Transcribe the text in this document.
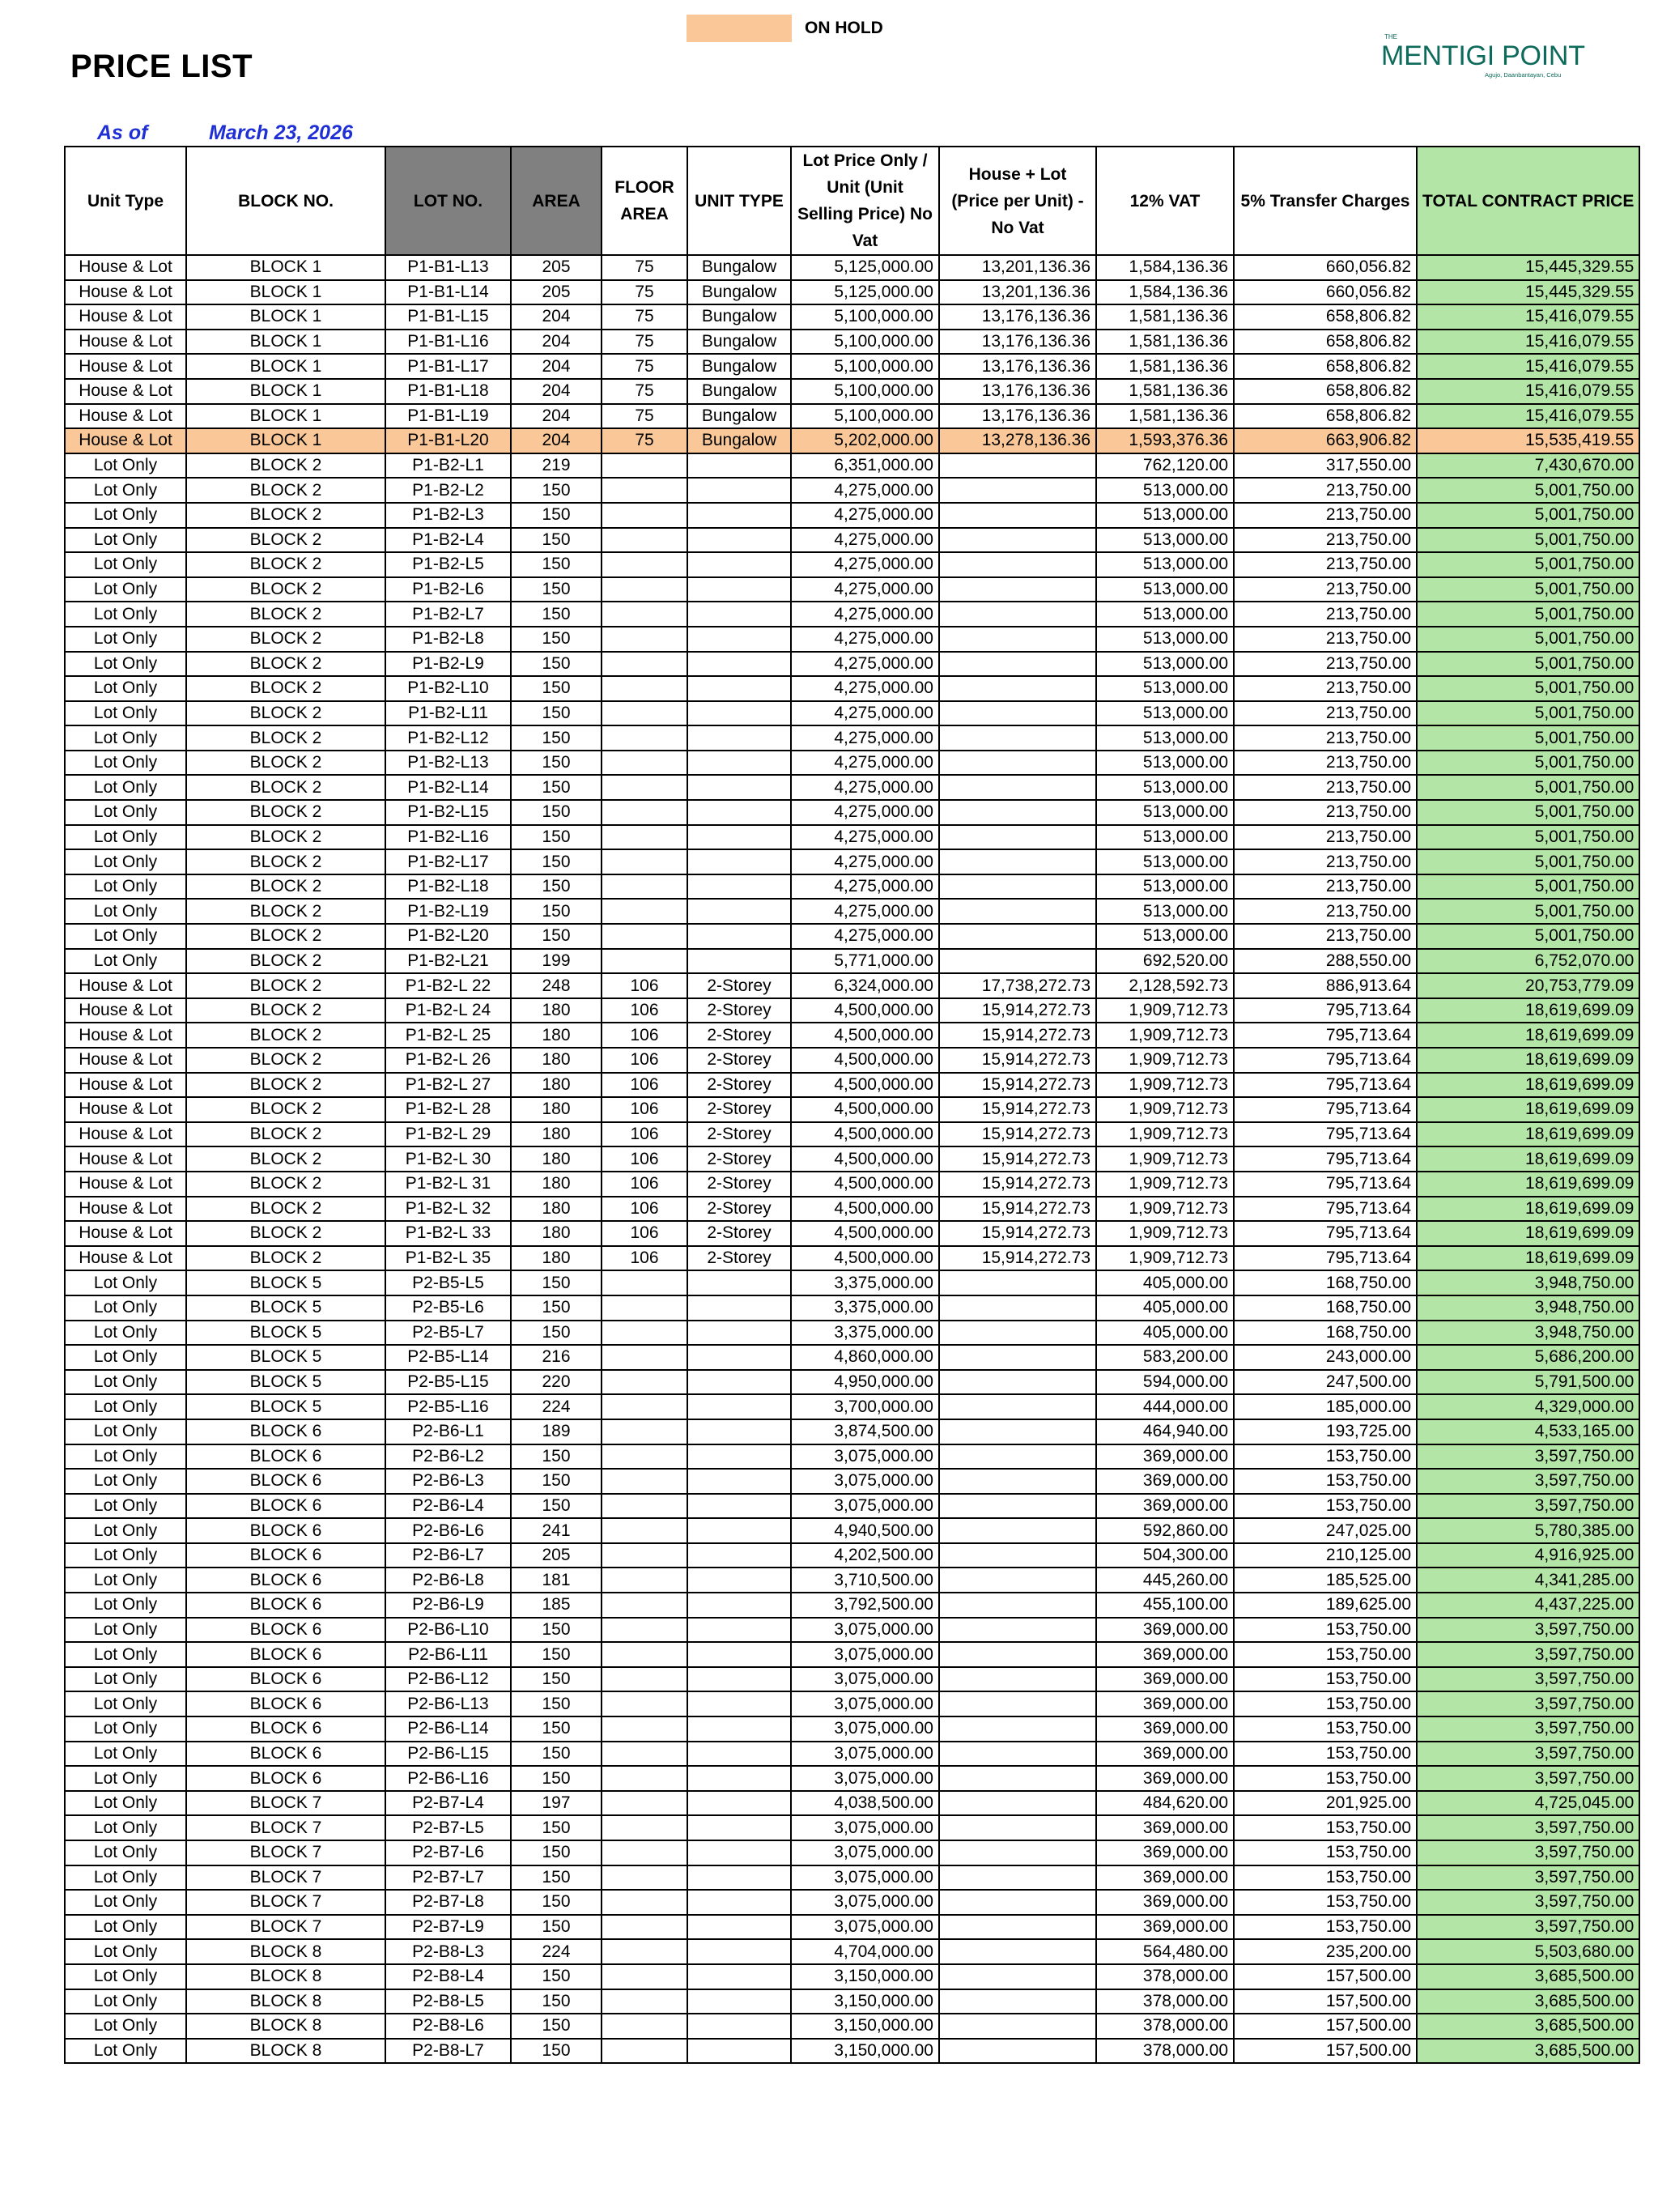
ON HOLD
PRICE LIST
THE
MENTIGI POINT
Agujo, Daanbantayan, Cebu
As of	March 23, 2026
Unit Type	BLOCK NO.	LOT NO.	AREA	FLOOR AREA	UNIT TYPE	Lot Price Only / Unit (Unit Selling Price) No Vat	House + Lot (Price per Unit) - No Vat	12% VAT	5% Transfer Charges	TOTAL CONTRACT PRICE
House & Lot	BLOCK 1	P1-B1-L13	205	75	Bungalow	5,125,000.00	13,201,136.36	1,584,136.36	660,056.82	15,445,329.55
House & Lot	BLOCK 1	P1-B1-L14	205	75	Bungalow	5,125,000.00	13,201,136.36	1,584,136.36	660,056.82	15,445,329.55
House & Lot	BLOCK 1	P1-B1-L15	204	75	Bungalow	5,100,000.00	13,176,136.36	1,581,136.36	658,806.82	15,416,079.55
House & Lot	BLOCK 1	P1-B1-L16	204	75	Bungalow	5,100,000.00	13,176,136.36	1,581,136.36	658,806.82	15,416,079.55
House & Lot	BLOCK 1	P1-B1-L17	204	75	Bungalow	5,100,000.00	13,176,136.36	1,581,136.36	658,806.82	15,416,079.55
House & Lot	BLOCK 1	P1-B1-L18	204	75	Bungalow	5,100,000.00	13,176,136.36	1,581,136.36	658,806.82	15,416,079.55
House & Lot	BLOCK 1	P1-B1-L19	204	75	Bungalow	5,100,000.00	13,176,136.36	1,581,136.36	658,806.82	15,416,079.55
House & Lot	BLOCK 1	P1-B1-L20	204	75	Bungalow	5,202,000.00	13,278,136.36	1,593,376.36	663,906.82	15,535,419.55
Lot Only	BLOCK 2	P1-B2-L1	219			6,351,000.00		762,120.00	317,550.00	7,430,670.00
Lot Only	BLOCK 2	P1-B2-L2	150			4,275,000.00		513,000.00	213,750.00	5,001,750.00
Lot Only	BLOCK 2	P1-B2-L3	150			4,275,000.00		513,000.00	213,750.00	5,001,750.00
Lot Only	BLOCK 2	P1-B2-L4	150			4,275,000.00		513,000.00	213,750.00	5,001,750.00
Lot Only	BLOCK 2	P1-B2-L5	150			4,275,000.00		513,000.00	213,750.00	5,001,750.00
Lot Only	BLOCK 2	P1-B2-L6	150			4,275,000.00		513,000.00	213,750.00	5,001,750.00
Lot Only	BLOCK 2	P1-B2-L7	150			4,275,000.00		513,000.00	213,750.00	5,001,750.00
Lot Only	BLOCK 2	P1-B2-L8	150			4,275,000.00		513,000.00	213,750.00	5,001,750.00
Lot Only	BLOCK 2	P1-B2-L9	150			4,275,000.00		513,000.00	213,750.00	5,001,750.00
Lot Only	BLOCK 2	P1-B2-L10	150			4,275,000.00		513,000.00	213,750.00	5,001,750.00
Lot Only	BLOCK 2	P1-B2-L11	150			4,275,000.00		513,000.00	213,750.00	5,001,750.00
Lot Only	BLOCK 2	P1-B2-L12	150			4,275,000.00		513,000.00	213,750.00	5,001,750.00
Lot Only	BLOCK 2	P1-B2-L13	150			4,275,000.00		513,000.00	213,750.00	5,001,750.00
Lot Only	BLOCK 2	P1-B2-L14	150			4,275,000.00		513,000.00	213,750.00	5,001,750.00
Lot Only	BLOCK 2	P1-B2-L15	150			4,275,000.00		513,000.00	213,750.00	5,001,750.00
Lot Only	BLOCK 2	P1-B2-L16	150			4,275,000.00		513,000.00	213,750.00	5,001,750.00
Lot Only	BLOCK 2	P1-B2-L17	150			4,275,000.00		513,000.00	213,750.00	5,001,750.00
Lot Only	BLOCK 2	P1-B2-L18	150			4,275,000.00		513,000.00	213,750.00	5,001,750.00
Lot Only	BLOCK 2	P1-B2-L19	150			4,275,000.00		513,000.00	213,750.00	5,001,750.00
Lot Only	BLOCK 2	P1-B2-L20	150			4,275,000.00		513,000.00	213,750.00	5,001,750.00
Lot Only	BLOCK 2	P1-B2-L21	199			5,771,000.00		692,520.00	288,550.00	6,752,070.00
House & Lot	BLOCK 2	P1-B2-L 22	248	106	2-Storey	6,324,000.00	17,738,272.73	2,128,592.73	886,913.64	20,753,779.09
House & Lot	BLOCK 2	P1-B2-L 24	180	106	2-Storey	4,500,000.00	15,914,272.73	1,909,712.73	795,713.64	18,619,699.09
House & Lot	BLOCK 2	P1-B2-L 25	180	106	2-Storey	4,500,000.00	15,914,272.73	1,909,712.73	795,713.64	18,619,699.09
House & Lot	BLOCK 2	P1-B2-L 26	180	106	2-Storey	4,500,000.00	15,914,272.73	1,909,712.73	795,713.64	18,619,699.09
House & Lot	BLOCK 2	P1-B2-L 27	180	106	2-Storey	4,500,000.00	15,914,272.73	1,909,712.73	795,713.64	18,619,699.09
House & Lot	BLOCK 2	P1-B2-L 28	180	106	2-Storey	4,500,000.00	15,914,272.73	1,909,712.73	795,713.64	18,619,699.09
House & Lot	BLOCK 2	P1-B2-L 29	180	106	2-Storey	4,500,000.00	15,914,272.73	1,909,712.73	795,713.64	18,619,699.09
House & Lot	BLOCK 2	P1-B2-L 30	180	106	2-Storey	4,500,000.00	15,914,272.73	1,909,712.73	795,713.64	18,619,699.09
House & Lot	BLOCK 2	P1-B2-L 31	180	106	2-Storey	4,500,000.00	15,914,272.73	1,909,712.73	795,713.64	18,619,699.09
House & Lot	BLOCK 2	P1-B2-L 32	180	106	2-Storey	4,500,000.00	15,914,272.73	1,909,712.73	795,713.64	18,619,699.09
House & Lot	BLOCK 2	P1-B2-L 33	180	106	2-Storey	4,500,000.00	15,914,272.73	1,909,712.73	795,713.64	18,619,699.09
House & Lot	BLOCK 2	P1-B2-L 35	180	106	2-Storey	4,500,000.00	15,914,272.73	1,909,712.73	795,713.64	18,619,699.09
Lot Only	BLOCK 5	P2-B5-L5	150			3,375,000.00		405,000.00	168,750.00	3,948,750.00
Lot Only	BLOCK 5	P2-B5-L6	150			3,375,000.00		405,000.00	168,750.00	3,948,750.00
Lot Only	BLOCK 5	P2-B5-L7	150			3,375,000.00		405,000.00	168,750.00	3,948,750.00
Lot Only	BLOCK 5	P2-B5-L14	216			4,860,000.00		583,200.00	243,000.00	5,686,200.00
Lot Only	BLOCK 5	P2-B5-L15	220			4,950,000.00		594,000.00	247,500.00	5,791,500.00
Lot Only	BLOCK 5	P2-B5-L16	224			3,700,000.00		444,000.00	185,000.00	4,329,000.00
Lot Only	BLOCK 6	P2-B6-L1	189			3,874,500.00		464,940.00	193,725.00	4,533,165.00
Lot Only	BLOCK 6	P2-B6-L2	150			3,075,000.00		369,000.00	153,750.00	3,597,750.00
Lot Only	BLOCK 6	P2-B6-L3	150			3,075,000.00		369,000.00	153,750.00	3,597,750.00
Lot Only	BLOCK 6	P2-B6-L4	150			3,075,000.00		369,000.00	153,750.00	3,597,750.00
Lot Only	BLOCK 6	P2-B6-L6	241			4,940,500.00		592,860.00	247,025.00	5,780,385.00
Lot Only	BLOCK 6	P2-B6-L7	205			4,202,500.00		504,300.00	210,125.00	4,916,925.00
Lot Only	BLOCK 6	P2-B6-L8	181			3,710,500.00		445,260.00	185,525.00	4,341,285.00
Lot Only	BLOCK 6	P2-B6-L9	185			3,792,500.00		455,100.00	189,625.00	4,437,225.00
Lot Only	BLOCK 6	P2-B6-L10	150			3,075,000.00		369,000.00	153,750.00	3,597,750.00
Lot Only	BLOCK 6	P2-B6-L11	150			3,075,000.00		369,000.00	153,750.00	3,597,750.00
Lot Only	BLOCK 6	P2-B6-L12	150			3,075,000.00		369,000.00	153,750.00	3,597,750.00
Lot Only	BLOCK 6	P2-B6-L13	150			3,075,000.00		369,000.00	153,750.00	3,597,750.00
Lot Only	BLOCK 6	P2-B6-L14	150			3,075,000.00		369,000.00	153,750.00	3,597,750.00
Lot Only	BLOCK 6	P2-B6-L15	150			3,075,000.00		369,000.00	153,750.00	3,597,750.00
Lot Only	BLOCK 6	P2-B6-L16	150			3,075,000.00		369,000.00	153,750.00	3,597,750.00
Lot Only	BLOCK 7	P2-B7-L4	197			4,038,500.00		484,620.00	201,925.00	4,725,045.00
Lot Only	BLOCK 7	P2-B7-L5	150			3,075,000.00		369,000.00	153,750.00	3,597,750.00
Lot Only	BLOCK 7	P2-B7-L6	150			3,075,000.00		369,000.00	153,750.00	3,597,750.00
Lot Only	BLOCK 7	P2-B7-L7	150			3,075,000.00		369,000.00	153,750.00	3,597,750.00
Lot Only	BLOCK 7	P2-B7-L8	150			3,075,000.00		369,000.00	153,750.00	3,597,750.00
Lot Only	BLOCK 7	P2-B7-L9	150			3,075,000.00		369,000.00	153,750.00	3,597,750.00
Lot Only	BLOCK 8	P2-B8-L3	224			4,704,000.00		564,480.00	235,200.00	5,503,680.00
Lot Only	BLOCK 8	P2-B8-L4	150			3,150,000.00		378,000.00	157,500.00	3,685,500.00
Lot Only	BLOCK 8	P2-B8-L5	150			3,150,000.00		378,000.00	157,500.00	3,685,500.00
Lot Only	BLOCK 8	P2-B8-L6	150			3,150,000.00		378,000.00	157,500.00	3,685,500.00
Lot Only	BLOCK 8	P2-B8-L7	150			3,150,000.00		378,000.00	157,500.00	3,685,500.00
